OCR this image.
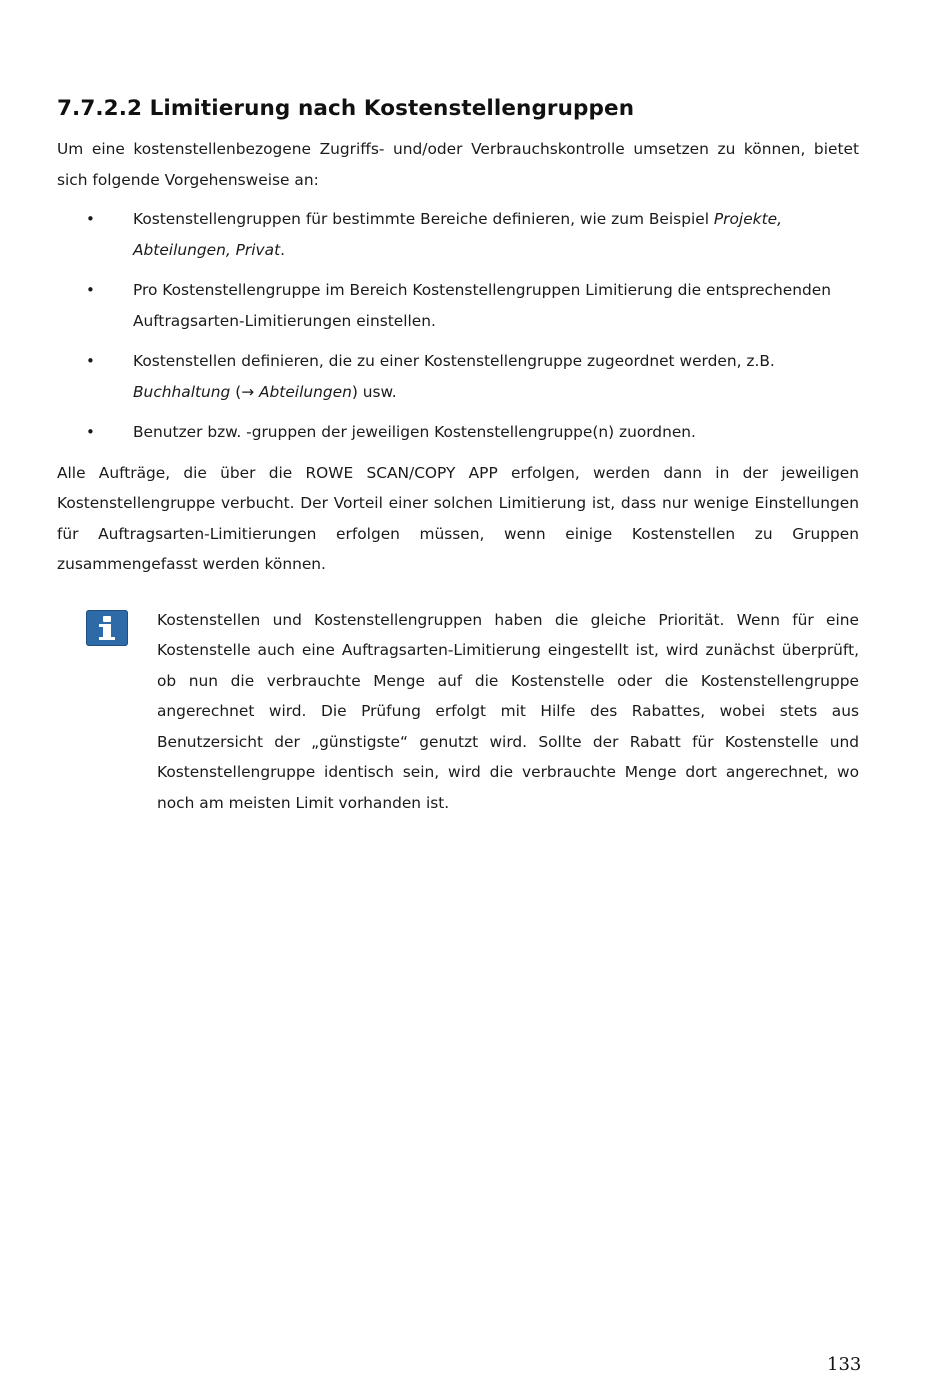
7.7.2.2 Limitierung nach Kostenstellengruppen

Um eine kostenstellenbezogene Zugriffs- und/oder Verbrauchskontrolle umsetzen zu können, bietet sich folgende Vorgehensweise an:

• Kostenstellengruppen für bestimmte Bereiche definieren, wie zum Beispiel Projekte, Abteilungen, Privat.
• Pro Kostenstellengruppe im Bereich Kostenstellengruppen Limitierung die entsprechenden Auftragsarten-Limitierungen einstellen.
• Kostenstellen definieren, die zu einer Kostenstellengruppe zugeordnet werden, z.B. Buchhaltung (→ Abteilungen) usw.
• Benutzer bzw. -gruppen der jeweiligen Kostenstellengruppe(n) zuordnen.

Alle Aufträge, die über die ROWE SCAN/COPY APP erfolgen, werden dann in der jeweiligen Kostenstellengruppe verbucht. Der Vorteil einer solchen Limitierung ist, dass nur wenige Einstellungen für Auftragsarten-Limitierungen erfolgen müssen, wenn einige Kostenstellen zu Gruppen zusammengefasst werden können.

Kostenstellen und Kostenstellengruppen haben die gleiche Priorität. Wenn für eine Kostenstelle auch eine Auftragsarten-Limitierung eingestellt ist, wird zunächst überprüft, ob nun die verbrauchte Menge auf die Kostenstelle oder die Kostenstellengruppe angerechnet wird. Die Prüfung erfolgt mit Hilfe des Rabattes, wobei stets aus Benutzersicht der „günstigste“ genutzt wird. Sollte der Rabatt für Kostenstelle und Kostenstellengruppe identisch sein, wird die verbrauchte Menge dort angerechnet, wo noch am meisten Limit vorhanden ist.

133
